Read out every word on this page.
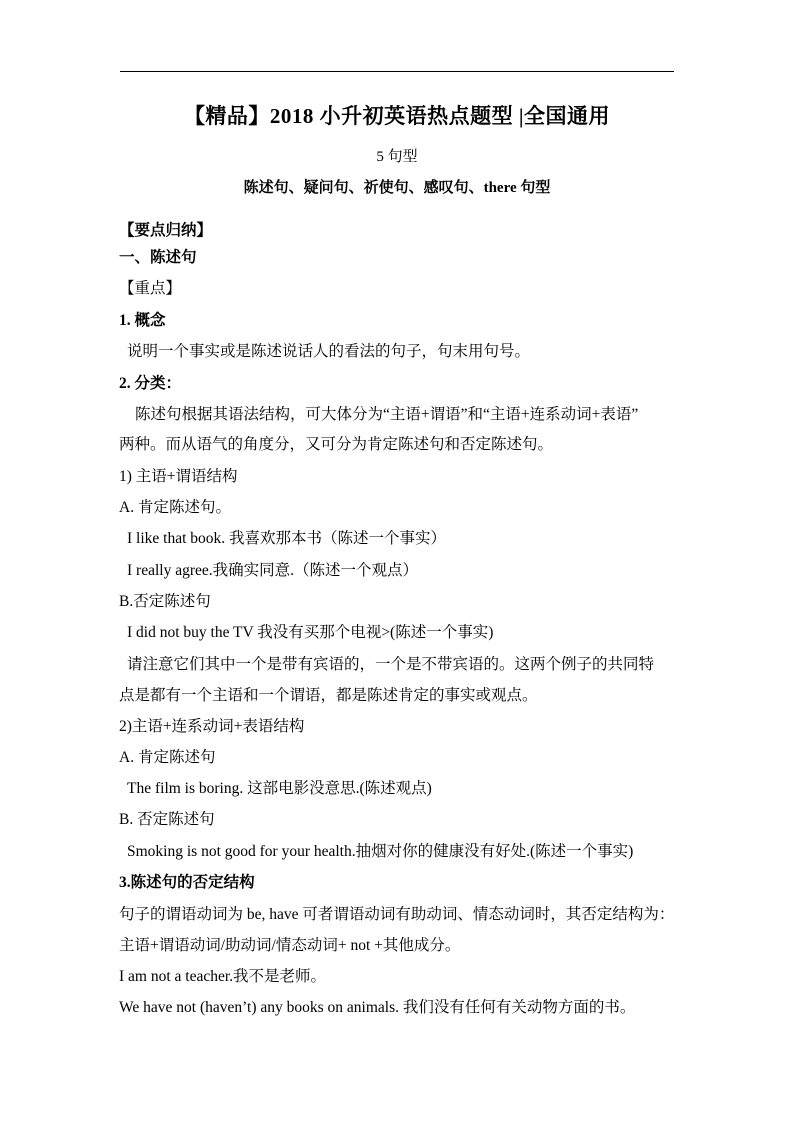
【精品】2018 小升初英语热点题型 |全国通用
5 句型
陈述句、疑问句、祈使句、感叹句、there 句型
【要点归纳】
一、陈述句
【重点】
1. 概念
说明一个事实或是陈述说话人的看法的句子，句末用句号。
2. 分类：
陈述句根据其语法结构，可大体分为“主语+谓语”和“主语+连系动词+表语”
两种。而从语气的角度分，又可分为肯定陈述句和否定陈述句。
1) 主语+谓语结构
A. 肯定陈述句。
I like that book. 我喜欢那本书（陈述一个事实）
I really agree.我确实同意.（陈述一个观点）
B.否定陈述句
I did not buy the TV 我没有买那个电视>(陈述一个事实)
请注意它们其中一个是带有宾语的，一个是不带宾语的。这两个例子的共同特
点是都有一个主语和一个谓语，都是陈述肯定的事实或观点。
2)主语+连系动词+表语结构
A. 肯定陈述句
The film is boring. 这部电影没意思.(陈述观点)
B. 否定陈述句
Smoking is not good for your health.抽烟对你的健康没有好处.(陈述一个事实)
3.陈述句的否定结构
句子的谓语动词为 be, have 可者谓语动词有助动词、情态动词时，其否定结构为：
主语+谓语动词/助动词/情态动词+ not +其他成分。
I am not a teacher.我不是老师。
We have not (haven’t) any books on animals. 我们没有任何有关动物方面的书。
